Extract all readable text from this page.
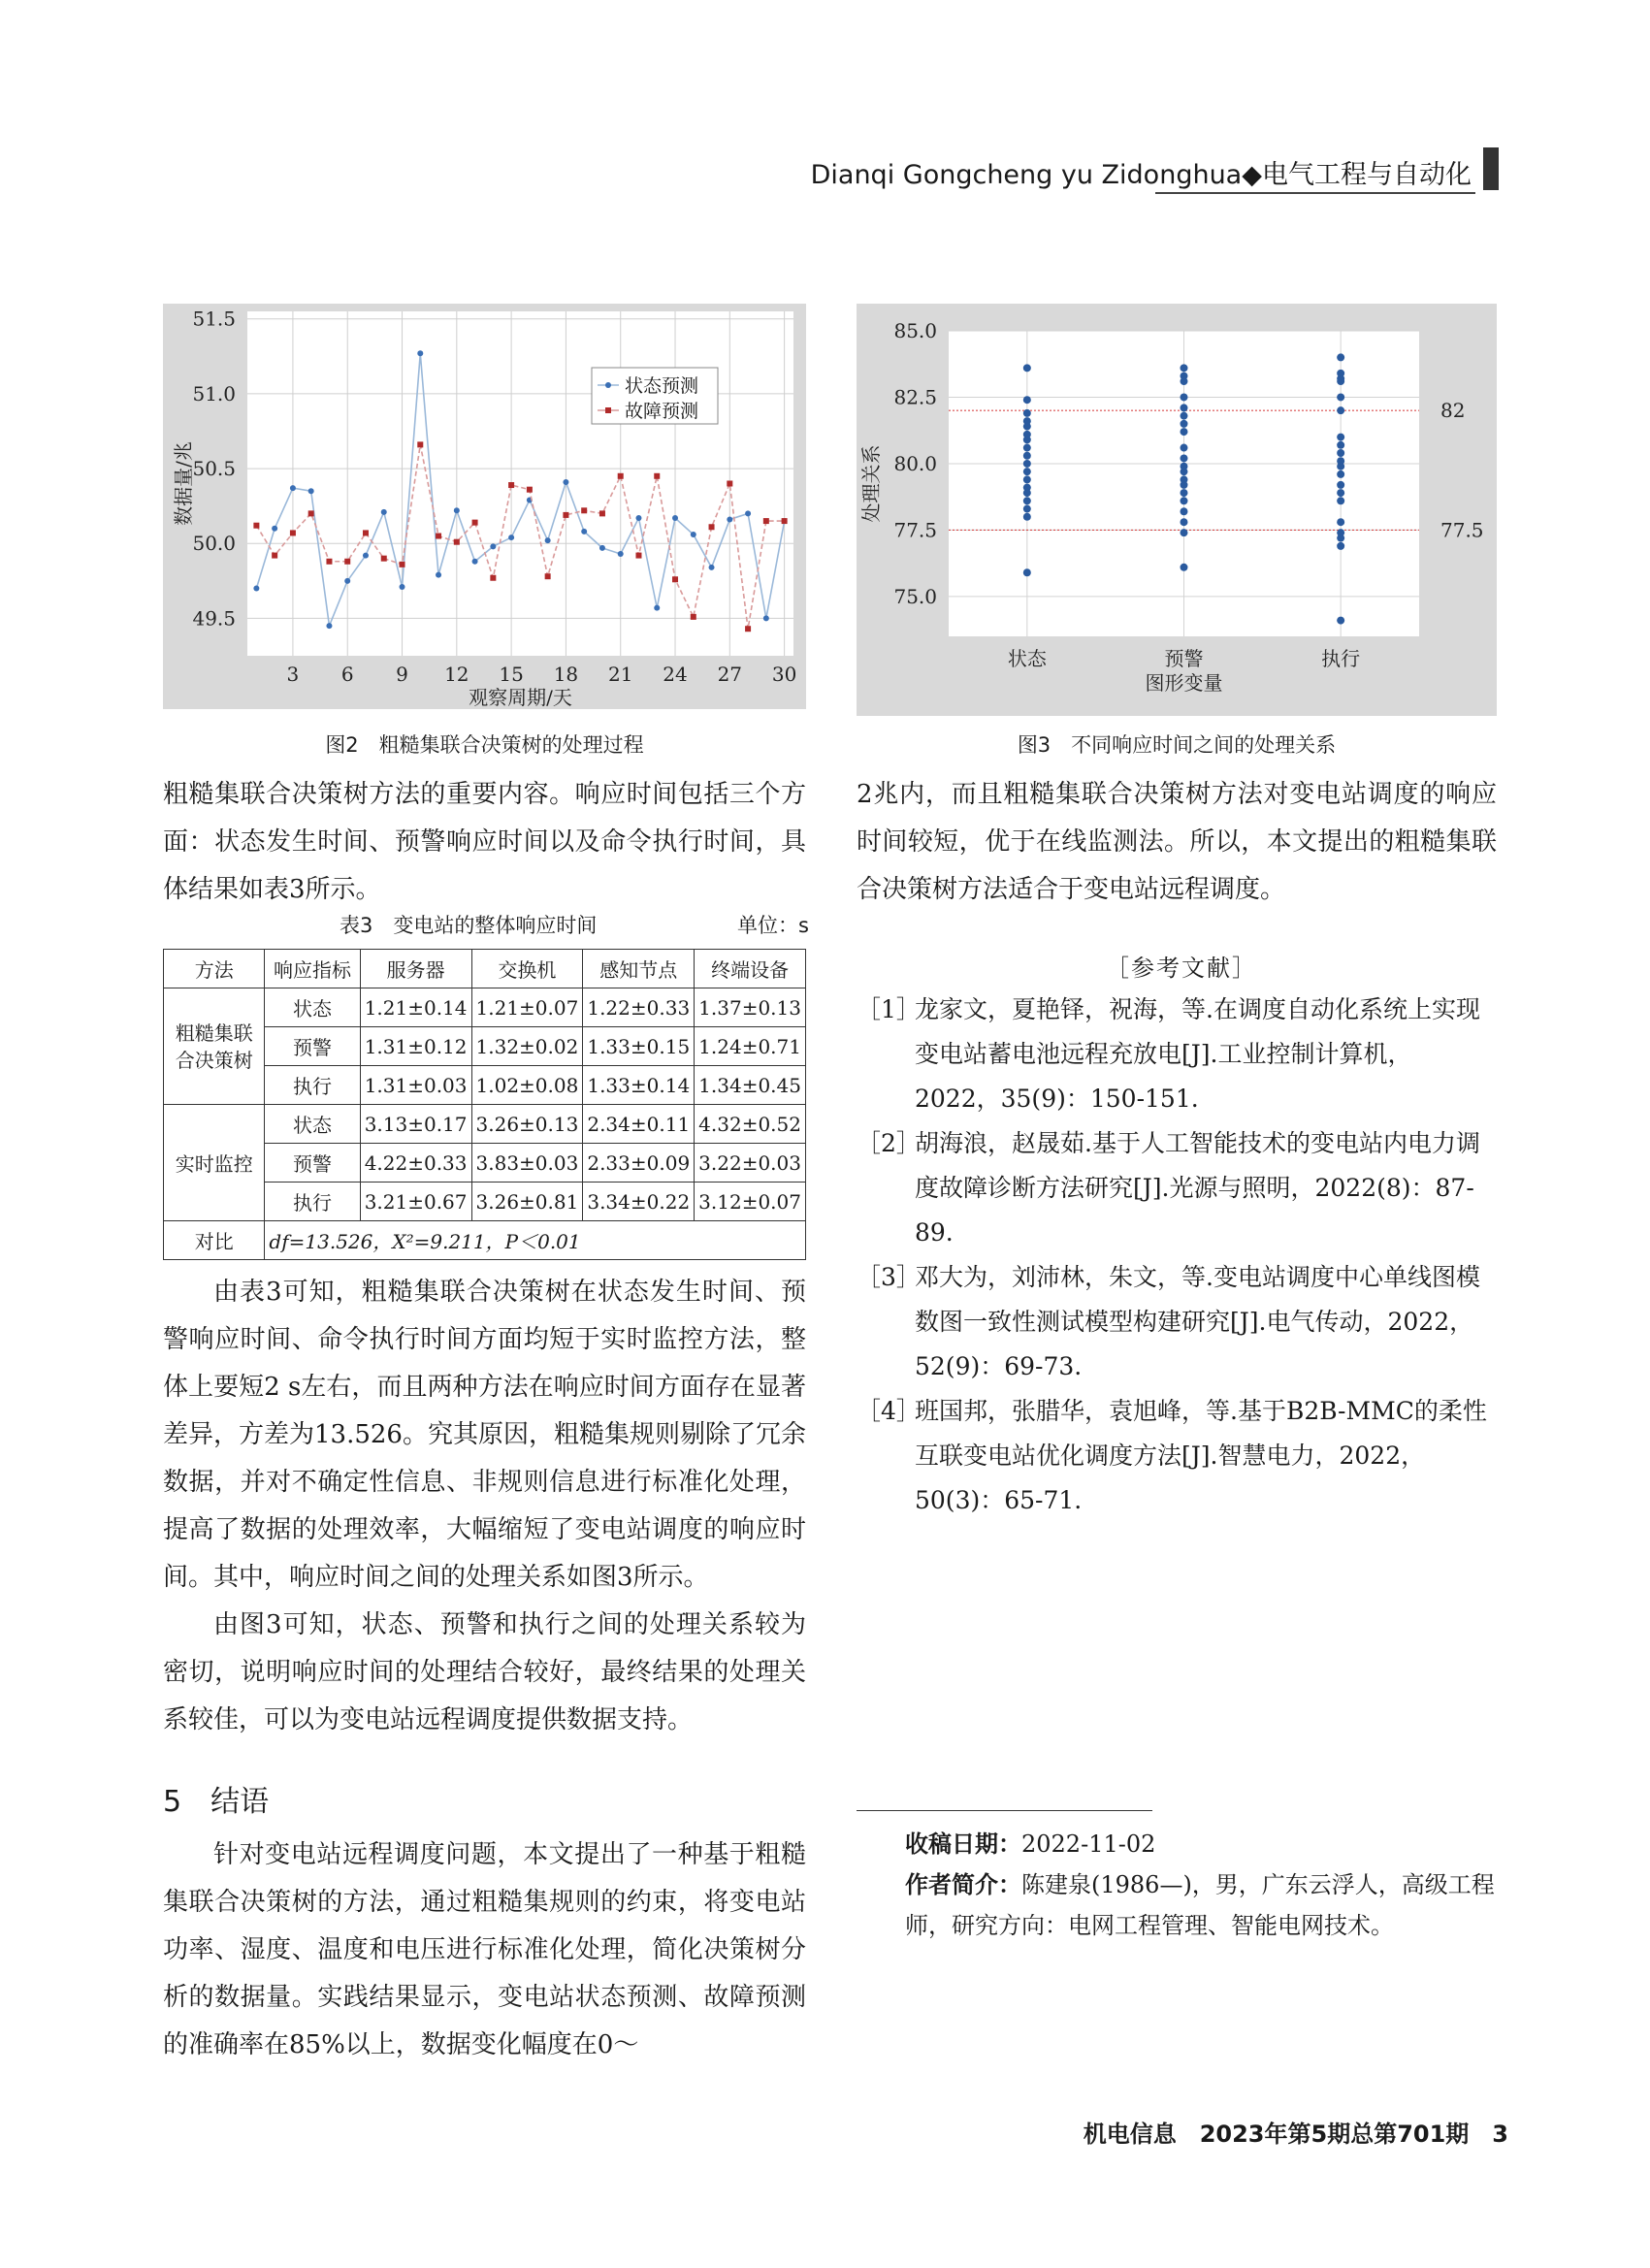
Dianqi Gongcheng yu Zidonghua◆电气工程与自动化
49.5
50.0
50.5
51.0
51.5
3 6 9 12 15 18 21 24 27 30
观察周期/天
数据量/兆
状态预测
故障预测
图2　粗糙集联合决策树的处理过程
75.0
77.5
80.0
82.5
85.0
状态	预警	执行
图形变量
处理关系
82
77.5
图3　不同响应时间之间的处理关系

粗糙集联合决策树方法的重要内容。响应时间包括三个方面：状态发生时间、预警响应时间以及命令执行时间，具体结果如表3所示。

表3　变电站的整体响应时间	单位：s
方法	响应指标	服务器	交换机	感知节点	终端设备
粗糙集联合决策树	状态	1.21±0.14	1.21±0.07	1.22±0.33	1.37±0.13
	预警	1.31±0.12	1.32±0.02	1.33±0.15	1.24±0.71
	执行	1.31±0.03	1.02±0.08	1.33±0.14	1.34±0.45
实时监控	状态	3.13±0.17	3.26±0.13	2.34±0.11	4.32±0.52
	预警	4.22±0.33	3.83±0.03	2.33±0.09	3.22±0.03
	执行	3.21±0.67	3.26±0.81	3.34±0.22	3.12±0.07
对比	df=13.526，X²=9.211，P＜0.01				

由表3可知，粗糙集联合决策树在状态发生时间、预警响应时间、命令执行时间方面均短于实时监控方法，整体上要短2 s左右，而且两种方法在响应时间方面存在显著差异，方差为13.526。究其原因，粗糙集规则剔除了冗余数据，并对不确定性信息、非规则信息进行标准化处理，提高了数据的处理效率，大幅缩短了变电站调度的响应时间。其中，响应时间之间的处理关系如图3所示。

由图3可知，状态、预警和执行之间的处理关系较为密切，说明响应时间的处理结合较好，最终结果的处理关系较佳，可以为变电站远程调度提供数据支持。

5　 结语

针对变电站远程调度问题，本文提出了一种基于粗糙集联合决策树的方法，通过粗糙集规则的约束，将变电站功率、湿度、温度和电压进行标准化处理，简化决策树分析的数据量。实践结果显示，变电站状态预测、故障预测的准确率在85%以上，数据变化幅度在0～

2兆内，而且粗糙集联合决策树方法对变电站调度的响应时间较短，优于在线监测法。所以，本文提出的粗糙集联合决策树方法适合于变电站远程调度。

［参考文献］
［1］
龙家文，夏艳铎，祝海，等.在调度自动化系统上实现变电站蓄电池远程充放电[J].工业控制计算机，2022，35(9)：150-151.
［2］
胡海浪，赵晟茹.基于人工智能技术的变电站内电力调度故障诊断方法研究[J].光源与照明，2022(8)：87-89.
［3］
邓大为，刘沛林，朱文，等.变电站调度中心单线图模数图一致性测试模型构建研究[J].电气传动，2022，52(9)：69-73.
［4］
班国邦，张腊华，袁旭峰，等.基于B2B-MMC的柔性互联变电站优化调度方法[J].智慧电力，2022，50(3)：65-71.
收稿日期：2022-11-02
作者简介：陈建泉(1986—)，男，广东云浮人，高级工程师，研究方向：电网工程管理、智能电网技术。
机电信息　2023年第5期总第701期　3
